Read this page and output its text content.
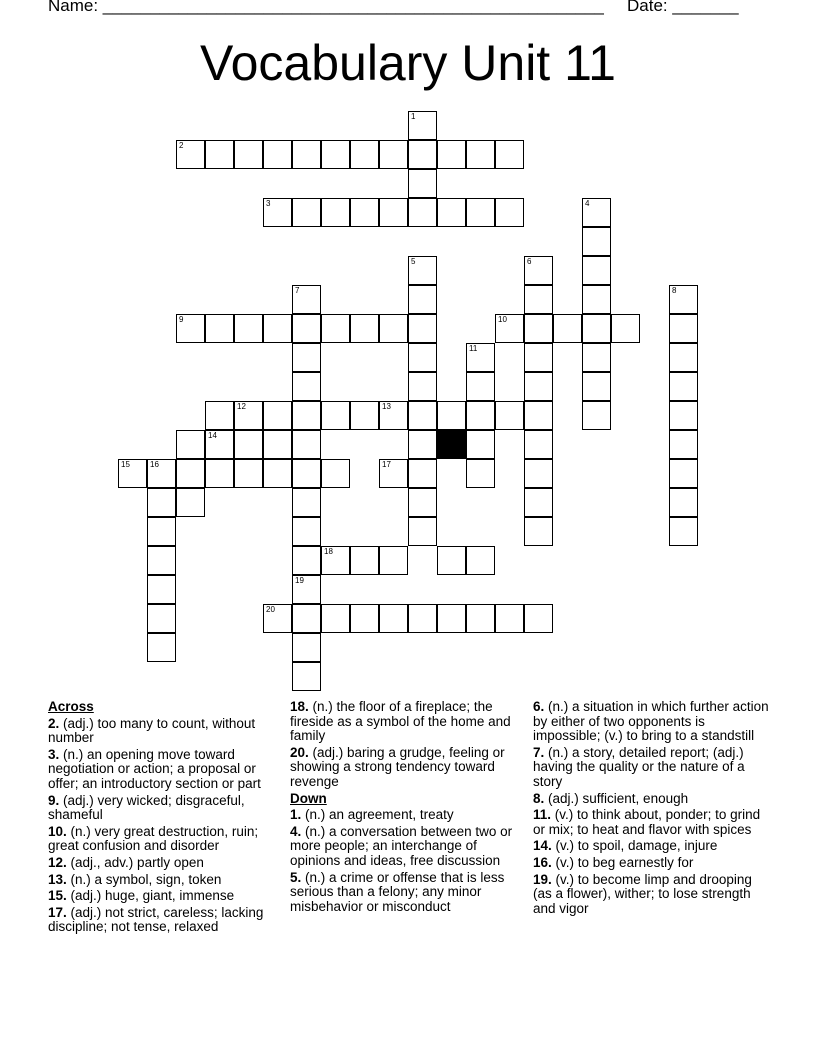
Name: _____________________________________________________ Date: _______
Vocabulary Unit 11
1
2
3	4
5	6
7
19
8
9	10
11
12	13
14
15	16	17
18
20
Across
2. (adj.) too many to count, without number
3. (n.) an opening move toward negotiation or action; a proposal or offer; an introductory section or part
9. (adj.) very wicked; disgraceful, shameful
10. (n.) very great destruction, ruin; great confusion and disorder
12. (adj., adv.) partly open
13. (n.) a symbol, sign, token
15. (adj.) huge, giant, immense
17. (adj.) not strict, careless; lacking discipline; not tense, relaxed
18. (n.) the floor of a fireplace; the fireside as a symbol of the home and family
20. (adj.) baring a grudge, feeling or showing a strong tendency toward revenge
Down
1. (n.) an agreement, treaty
4. (n.) a conversation between two or more people; an interchange of opinions and ideas, free discussion
5. (n.) a crime or offense that is less serious than a felony; any minor misbehavior or misconduct
6. (n.) a situation in which further action by either of two opponents is impossible; (v.) to bring to a standstill
7. (n.) a story, detailed report; (adj.) having the quality or the nature of a story
8. (adj.) sufficient, enough
11. (v.) to think about, ponder; to grind or mix; to heat and flavor with spices
14. (v.) to spoil, damage, injure
16. (v.) to beg earnestly for
19. (v.) to become limp and drooping (as a flower), wither; to lose strength and vigor
